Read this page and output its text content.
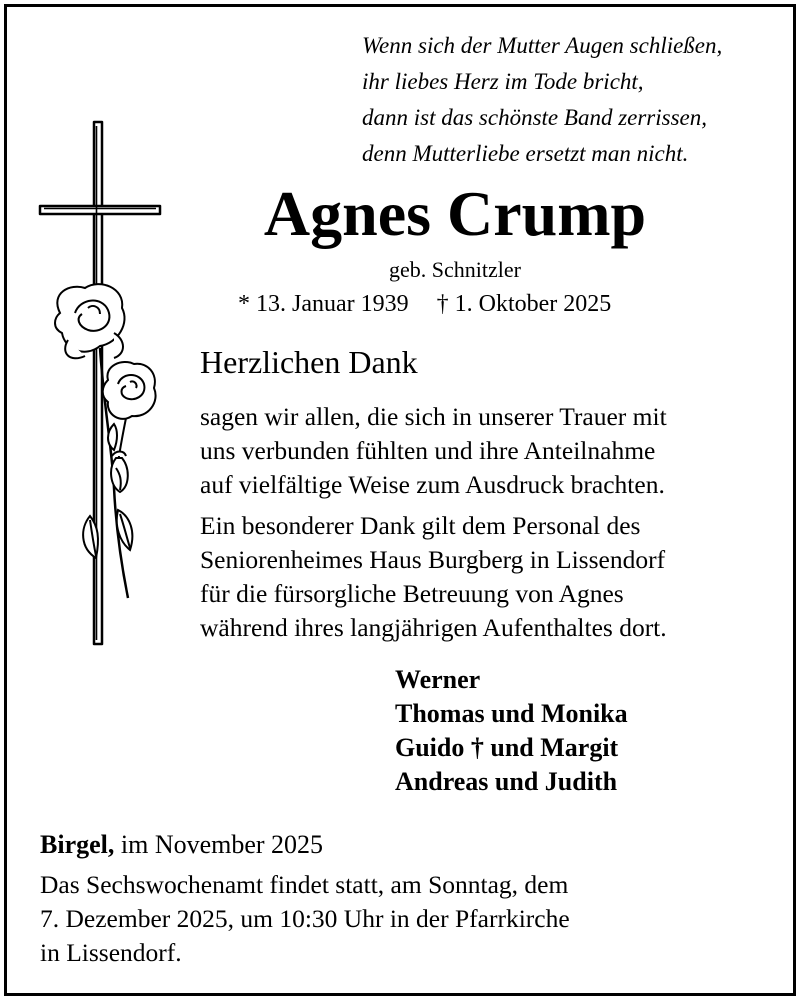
Wenn sich der Mutter Augen schließen,
ihr liebes Herz im Tode bricht,
dann ist das schönste Band zerrissen,
denn Mutterliebe ersetzt man nicht.
Agnes Crump
geb. Schnitzler
* 13. Januar 1939 † 1. Oktober 2025
Herzlichen Dank
sagen wir allen, die sich in unserer Trauer mit
uns verbunden fühlten und ihre Anteilnahme
auf vielfältige Weise zum Ausdruck brachten.
Ein besonderer Dank gilt dem Personal des
Seniorenheimes Haus Burgberg in Lissendorf
für die fürsorgliche Betreuung von Agnes
während ihres langjährigen Aufenthaltes dort.
Werner
Thomas und Monika
Guido † und Margit
Andreas und Judith
Birgel, im November 2025
Das Sechswochenamt findet statt, am Sonntag, dem
7. Dezember 2025, um 10:30 Uhr in der Pfarrkirche
in Lissendorf.
